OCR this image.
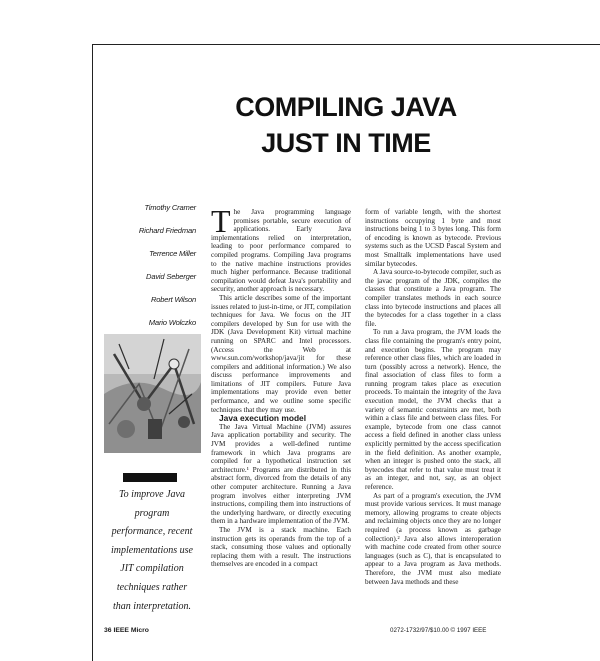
COMPILING JAVA
JUST IN TIME
Timothy Cramer
Richard Friedman
Terrence Miller
David Seberger
Robert Wilson
Mario Wolczko
To improve Java
program
performance, recent
implementations use
JIT compilation
techniques rather
than interpretation.
T he Java programming language promises portable, secure execution of applications. Early Java implementations relied on interpretation, leading to poor performance compared to compiled programs. Compiling Java programs to the native machine instructions provides much higher performance. Because traditional compilation would defeat Java's portability and security, another approach is necessary.

This article describes some of the important issues related to just-in-time, or JIT, compilation techniques for Java. We focus on the JIT compilers developed by Sun for use with the JDK (Java Development Kit) virtual machine running on SPARC and Intel processors. (Access the Web at www.sun.com/workshop/java/jit for these compilers and additional information.) We also discuss performance improvements and limitations of JIT compilers. Future Java implementations may provide even better performance, and we outline some specific techniques that they may use.

Java execution model

The Java Virtual Machine (JVM) assures Java application portability and security. The JVM provides a well-defined runtime framework in which Java programs are compiled for a hypothetical instruction set architecture.¹ Programs are distributed in this abstract form, divorced from the details of any other computer architecture. Running a Java program involves either interpreting JVM instructions, compiling them into instructions of the underlying hardware, or directly executing them in a hardware implementation of the JVM.

The JVM is a stack machine. Each instruction gets its operands from the top of a stack, consuming those values and optionally replacing them with a result. The instructions themselves are encoded in a compact

form of variable length, with the shortest instructions occupying 1 byte and most instructions being 1 to 3 bytes long. This form of encoding is known as bytecode. Previous systems such as the UCSD Pascal System and most Smalltalk implementations have used similar bytecodes.

A Java source-to-bytecode compiler, such as the javac program of the JDK, compiles the classes that constitute a Java program. The compiler translates methods in each source class into bytecode instructions and places all the bytecodes for a class together in a class file.

To run a Java program, the JVM loads the class file containing the program's entry point, and execution begins. The program may reference other class files, which are loaded in turn (possibly across a network). Hence, the final association of class files to form a running program takes place as execution proceeds. To maintain the integrity of the Java execution model, the JVM checks that a variety of semantic constraints are met, both within a class file and between class files. For example, bytecode from one class cannot access a field defined in another class unless explicitly permitted by the access specification in the field definition. As another example, when an integer is pushed onto the stack, all bytecodes that refer to that value must treat it as an integer, and not, say, as an object reference.

As part of a program's execution, the JVM must provide various services. It must manage memory, allowing programs to create objects and reclaiming objects once they are no longer required (a process known as garbage collection).² Java also allows interoperation with machine code created from other source languages (such as C), that is encapsulated to appear to a Java program as Java methods. Therefore, the JVM must also mediate between Java methods and these

36 IEEE Micro	0272-1732/97/$10.00 © 1997 IEEE
